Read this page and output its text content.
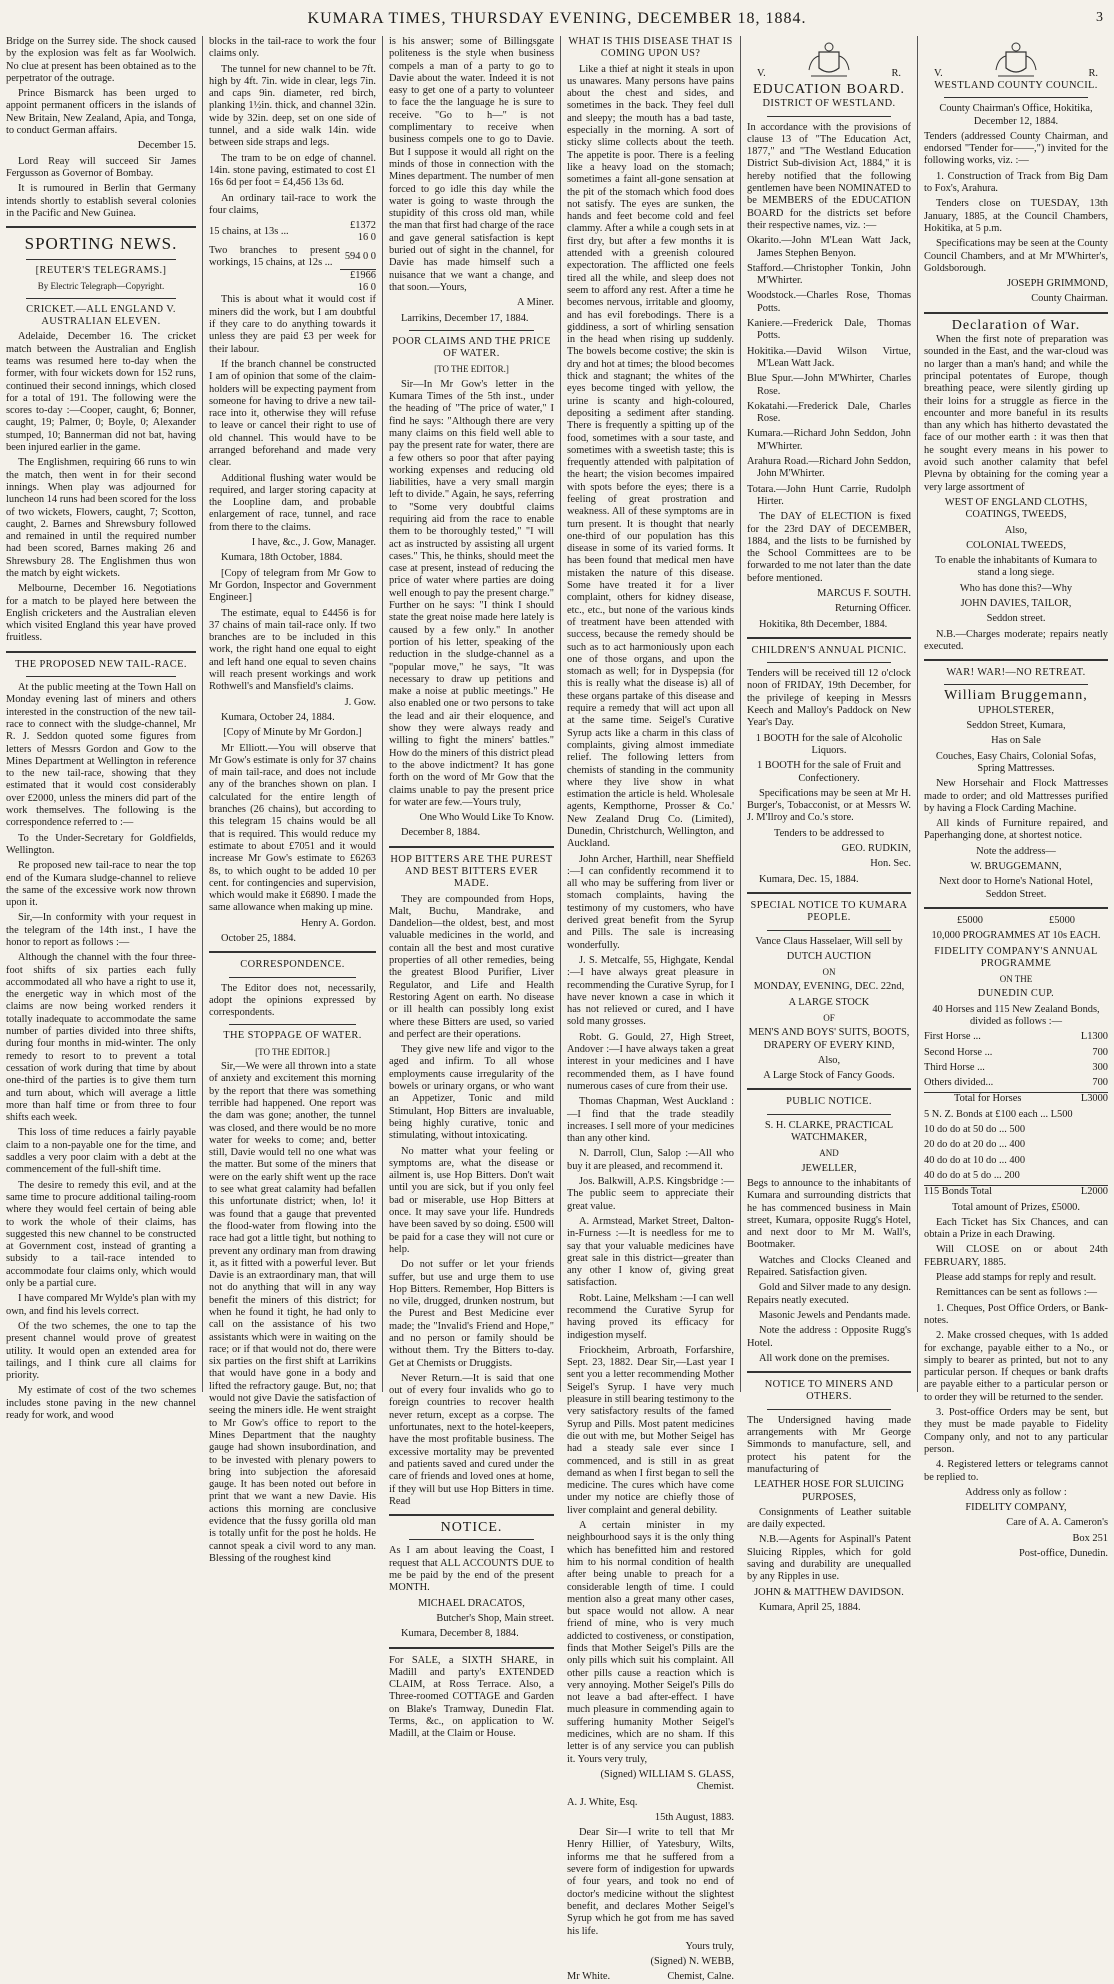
KUMARA TIMES, THURSDAY EVENING, DECEMBER 18, 1884.	3

Bridge on the Surrey side. The shock caused by the explosion was felt as far Woolwich. No clue at present has been obtained as to the perpetrator of the outrage.

Prince Bismarck has been urged to appoint permanent officers in the islands of New Britain, New Zealand, Apia, and Tonga, to conduct German affairs.

December 15.

Lord Reay will succeed Sir James Fergusson as Governor of Bombay.

It is rumoured in Berlin that Germany intends shortly to establish several colonies in the Pacific and New Guinea.

SPORTING NEWS.

[REUTER'S TELEGRAMS.]

By Electric Telegraph—Copyright.

CRICKET.—ALL ENGLAND V. AUSTRALIAN ELEVEN.

Adelaide, December 16. The cricket match between the Australian and English teams was resumed here to-day when the former, with four wickets down for 152 runs, continued their second innings, which closed for a total of 191. The following were the scores to-day :—Cooper, caught, 6; Bonner, caught, 19; Palmer, 0; Boyle, 0; Alexander stumped, 10; Bannerman did not bat, having been injured earlier in the game.

The Englishmen, requiring 66 runs to win the match, then went in for their second innings. When play was adjourned for luncheon 14 runs had been scored for the loss of two wickets, Flowers, caught, 7; Scotton, caught, 2. Barnes and Shrewsbury followed and remained in until the required number had been scored, Barnes making 26 and Shrewsbury 28. The Englishmen thus won the match by eight wickets.

Melbourne, December 16. Negotiations for a match to be played here between the English cricketers and the Australian eleven which visited England this year have proved fruitless.

THE PROPOSED NEW TAIL-RACE.

At the public meeting at the Town Hall on Monday evening last of miners and others interested in the construction of the new tail-race to connect with the sludge-channel, Mr R. J. Seddon quoted some figures from letters of Messrs Gordon and Gow to the Mines Department at Wellington in reference to the new tail-race, showing that they estimated that it would cost considerably over £2000, unless the miners did part of the work themselves. The following is the correspondence referred to :—

To the Under-Secretary for Goldfields, Wellington.

Re proposed new tail-race to near the top end of the Kumara sludge-channel to relieve the same of the excessive work now thrown upon it.

Sir,—In conformity with your request in the telegram of the 14th inst., I have the honor to report as follows :—

Although the channel with the four three-foot shifts of six parties each fully accommodated all who have a right to use it, the energetic way in which most of the claims are now being worked renders it totally inadequate to accommodate the same number of parties divided into three shifts, during four months in mid-winter. The only remedy to resort to to prevent a total cessation of work during that time by about one-third of the parties is to give them turn and turn about, which will average a little more than half time or from three to four shifts each week.

This loss of time reduces a fairly payable claim to a non-payable one for the time, and saddles a very poor claim with a debt at the commencement of the full-shift time.

The desire to remedy this evil, and at the same time to procure additional tailing-room where they would feel certain of being able to work the whole of their claims, has suggested this new channel to be constructed at Government cost, instead of granting a subsidy to a tail-race intended to accommodate four claims only, which would only be a partial cure.

I have compared Mr Wylde's plan with my own, and find his levels correct.

Of the two schemes, the one to tap the present channel would prove of greatest utility. It would open an extended area for tailings, and I think cure all claims for priority.

My estimate of cost of the two schemes includes stone paving in the new channel ready for work, and wood

blocks in the tail-race to work the four claims only.

The tunnel for new channel to be 7ft. high by 4ft. 7in. wide in clear, legs 7in. and caps 9in. diameter, red birch, planking 1½in. thick, and channel 32in. wide by 32in. deep, set on one side of tunnel, and a side walk 14in. wide between side straps and legs.

The tram to be on edge of channel. 14in. stone paving, estimated to cost £1 16s 6d per foot = £4,456 13s 6d.

An ordinary tail-race to work the four claims,

15 chains, at 13s ...	£1372 16 0
Two branches to present workings, 15 chains, at 12s ...	594 0 0
	£1966 16 0

This is about what it would cost if miners did the work, but I am doubtful if they care to do anything towards it unless they are paid £3 per week for their labour.

If the branch channel be constructed I am of opinion that some of the claim-holders will be expecting payment from someone for having to drive a new tail-race into it, otherwise they will refuse to leave or cancel their right to use of old channel. This would have to be arranged beforehand and made very clear.

Additional flushing water would be required, and larger storing capacity at the Loopline dam, and probable enlargement of race, tunnel, and race from there to the claims.

I have, &c., J. Gow, Manager.

Kumara, 18th October, 1884.

[Copy of telegram from Mr Gow to Mr Gordon, Inspector and Government Engineer.]

The estimate, equal to £4456 is for 37 chains of main tail-race only. If two branches are to be included in this work, the right hand one equal to eight and left hand one equal to seven chains will reach present workings and work Rothwell's and Mansfield's claims.

J. Gow.

Kumara, October 24, 1884.

[Copy of Minute by Mr Gordon.]

Mr Elliott.—You will observe that Mr Gow's estimate is only for 37 chains of main tail-race, and does not include any of the branches shown on plan. I calculated for the entire length of branches (26 chains), but according to this telegram 15 chains would be all that is required. This would reduce my estimate to about £7051 and it would increase Mr Gow's estimate to £6263 8s, to which ought to be added 10 per cent. for contingencies and supervision, which would make it £6890. I made the same allowance when making up mine.

Henry A. Gordon.

October 25, 1884.

CORRESPONDENCE.

The Editor does not, necessarily, adopt the opinions expressed by correspondents.

THE STOPPAGE OF WATER.

[TO THE EDITOR.]

Sir,—We were all thrown into a state of anxiety and excitement this morning by the report that there was something terrible had happened. One report was the dam was gone; another, the tunnel was closed, and there would be no more water for weeks to come; and, better still, Davie would tell no one what was the matter. But some of the miners that were on the early shift went up the race to see what great calamity had befallen this unfortunate district; when, lo! it was found that a gauge that prevented the flood-water from flowing into the race had got a little tight, but nothing to prevent any ordinary man from drawing it, as it fitted with a powerful lever. But Davie is an extraordinary man, that will not do anything that will in any way benefit the miners of this district; for when he found it tight, he had only to call on the assistance of his two assistants which were in waiting on the race; or if that would not do, there were six parties on the first shift at Larrikins that would have gone in a body and lifted the refractory gauge. But, no; that would not give Davie the satisfaction of seeing the miners idle. He went straight to Mr Gow's office to report to the Mines Department that the naughty gauge had shown insubordination, and to be invested with plenary powers to bring into subjection the aforesaid gauge. It has been noted out before in print that we want a new Davie. His actions this morning are conclusive evidence that the fussy gorilla old man is totally unfit for the post he holds. He cannot speak a civil word to any man. Blessing of the roughest kind

is his answer; some of Billingsgate politeness is the style when business compels a man of a party to go to Davie about the water. Indeed it is not easy to get one of a party to volunteer to face the the language he is sure to receive. "Go to h—" is not complimentary to receive when business compels one to go to Davie. But I suppose it would all right on the minds of those in connection with the Mines department. The number of men forced to go idle this day while the water is going to waste through the stupidity of this cross old man, while the man that first had charge of the race and gave general satisfaction is kept buried out of sight in the channel, for Davie has made himself such a nuisance that we want a change, and that soon.—Yours,

A Miner.

Larrikins, December 17, 1884.

POOR CLAIMS AND THE PRICE OF WATER.

[TO THE EDITOR.]

Sir—In Mr Gow's letter in the Kumara Times of the 5th inst., under the heading of "The price of water," I find he says: "Although there are very many claims on this field well able to pay the present rate for water, there are a few others so poor that after paying working expenses and reducing old liabilities, have a very small margin left to divide." Again, he says, referring to "Some very doubtful claims requiring aid from the race to enable them to be thoroughly tested," "I will act as instructed by assisting all urgent cases." This, he thinks, should meet the case at present, instead of reducing the price of water where parties are doing well enough to pay the present charge." Further on he says: "I think I should state the great noise made here lately is caused by a few only." In another portion of his letter, speaking of the reduction in the sludge-channel as a "popular move," he says, "It was necessary to draw up petitions and make a noise at public meetings." He also enabled one or two persons to take the lead and air their eloquence, and show they were always ready and willing to fight the miners' battles." How do the miners of this district plead to the above indictment? It has gone forth on the word of Mr Gow that the claims unable to pay the present price for water are few.—Yours truly,

One Who Would Like To Know.

December 8, 1884.

HOP BITTERS ARE THE PUREST AND BEST BITTERS EVER MADE.

They are compounded from Hops, Malt, Buchu, Mandrake, and Dandelion—the oldest, best, and most valuable medicines in the world, and contain all the best and most curative properties of all other remedies, being the greatest Blood Purifier, Liver Regulator, and Life and Health Restoring Agent on earth. No disease or ill health can possibly long exist where these Bitters are used, so varied and perfect are their operations.

They give new life and vigor to the aged and infirm. To all whose employments cause irregularity of the bowels or urinary organs, or who want an Appetizer, Tonic and mild Stimulant, Hop Bitters are invaluable, being highly curative, tonic and stimulating, without intoxicating.

No matter what your feeling or symptoms are, what the disease or ailment is, use Hop Bitters. Don't wait until you are sick, but if you only feel bad or miserable, use Hop Bitters at once. It may save your life. Hundreds have been saved by so doing. £500 will be paid for a case they will not cure or help.

Do not suffer or let your friends suffer, but use and urge them to use Hop Bitters. Remember, Hop Bitters is no vile, drugged, drunken nostrum, but the Purest and Best Medicine ever made; the "Invalid's Friend and Hope," and no person or family should be without them. Try the Bitters to-day. Get at Chemists or Druggists.

Never Return.—It is said that one out of every four invalids who go to foreign countries to recover health never return, except as a corpse. The unfortunates, next to the hotel-keepers, have the most profitable business. The excessive mortality may be prevented and patients saved and cured under the care of friends and loved ones at home, if they will but use Hop Bitters in time. Read

NOTICE.

As I am about leaving the Coast, I request that ALL ACCOUNTS DUE to me be paid by the end of the present MONTH.

MICHAEL DRACATOS,

Butcher's Shop, Main street.

Kumara, December 8, 1884.

For SALE, a SIXTH SHARE, in Madill and party's EXTENDED CLAIM, at Ross Terrace. Also, a Three-roomed COTTAGE and Garden on Blake's Tramway, Dunedin Flat. Terms, &c., on application to W. Madill, at the Claim or House.

WHAT IS THIS DISEASE THAT IS COMING UPON US?

Like a thief at night it steals in upon us unawares. Many persons have pains about the chest and sides, and sometimes in the back. They feel dull and sleepy; the mouth has a bad taste, especially in the morning. A sort of sticky slime collects about the teeth. The appetite is poor. There is a feeling like a heavy load on the stomach; sometimes a faint all-gone sensation at the pit of the stomach which food does not satisfy. The eyes are sunken, the hands and feet become cold and feel clammy. After a while a cough sets in at first dry, but after a few months it is attended with a greenish coloured expectoration. The afflicted one feels tired all the while, and sleep does not seem to afford any rest. After a time he becomes nervous, irritable and gloomy, and has evil forebodings. There is a giddiness, a sort of whirling sensation in the head when rising up suddenly. The bowels become costive; the skin is dry and hot at times; the blood becomes thick and stagnant; the whites of the eyes become tinged with yellow, the urine is scanty and high-coloured, depositing a sediment after standing. There is frequently a spitting up of the food, sometimes with a sour taste, and sometimes with a sweetish taste; this is frequently attended with palpitation of the heart; the vision becomes impaired with spots before the eyes; there is a feeling of great prostration and weakness. All of these symptoms are in turn present. It is thought that nearly one-third of our population has this disease in some of its varied forms. It has been found that medical men have mistaken the nature of this disease. Some have treated it for a liver complaint, others for kidney disease, etc., etc., but none of the various kinds of treatment have been attended with success, because the remedy should be such as to act harmoniously upon each one of those organs, and upon the stomach as well; for in Dyspepsia (for this is really what the disease is) all of these organs partake of this disease and require a remedy that will act upon all at the same time. Seigel's Curative Syrup acts like a charm in this class of complaints, giving almost immediate relief. The following letters from chemists of standing in the community where they live show in what estimation the article is held. Wholesale agents, Kempthorne, Prosser & Co.' New Zealand Drug Co. (Limited), Dunedin, Christchurch, Wellington, and Auckland.

John Archer, Harthill, near Sheffield :—I can confidently recommend it to all who may be suffering from liver or stomach complaints, having the testimony of my customers, who have derived great benefit from the Syrup and Pills. The sale is increasing wonderfully.

J. S. Metcalfe, 55, Highgate, Kendal :—I have always great pleasure in recommending the Curative Syrup, for I have never known a case in which it has not relieved or cured, and I have sold many grosses.

Robt. G. Gould, 27, High Street, Andover :—I have always taken a great interest in your medicines and I have recommended them, as I have found numerous cases of cure from their use.

Thomas Chapman, West Auckland :—I find that the trade steadily increases. I sell more of your medicines than any other kind.

N. Darroll, Clun, Salop :—All who buy it are pleased, and recommend it.

Jos. Balkwill, A.P.S. Kingsbridge :—The public seem to appreciate their great value.

A. Armstead, Market Street, Dalton-in-Furness :—It is needless for me to say that your valuable medicines have great sale in this district—greater than any other I know of, giving great satisfaction.

Robt. Laine, Melksham :—I can well recommend the Curative Syrup for having proved its efficacy for indigestion myself.

Friockheim, Arbroath, Forfarshire, Sept. 23, 1882. Dear Sir,—Last year I sent you a letter recommending Mother Seigel's Syrup. I have very much pleasure in still bearing testimony to the very satisfactory results of the famed Syrup and Pills. Most patent medicines die out with me, but Mother Seigel has had a steady sale ever since I commenced, and is still in as great demand as when I first began to sell the medicine. The cures which have come under my notice are chiefly those of liver complaint and general debility.

A certain minister in my neighbourhood says it is the only thing which has benefitted him and restored him to his normal condition of health after being unable to preach for a considerable length of time. I could mention also a great many other cases, but space would not allow. A near friend of mine, who is very much addicted to costiveness, or constipation, finds that Mother Seigel's Pills are the only pills which suit his complaint. All other pills cause a reaction which is very annoying. Mother Seigel's Pills do not leave a bad after-effect. I have much pleasure in commending again to suffering humanity Mother Seigel's medicines, which are no sham. If this letter is of any service you can publish it. Yours very truly,

(Signed) WILLIAM S. GLASS, Chemist.

A. J. White, Esq.

15th August, 1883.

Dear Sir—I write to tell that Mr Henry Hillier, of Yatesbury, Wilts, informs me that he suffered from a severe form of indigestion for upwards of four years, and took no end of doctor's medicine without the slightest benefit, and declares Mother Seigel's Syrup which he got from me has saved his life.

Yours truly,

(Signed) N. WEBB,

Mr White.	Chemist, Calne.

V.	R.

EDUCATION BOARD.

DISTRICT OF WESTLAND.

In accordance with the provisions of clause 13 of "The Education Act, 1877," and "The Westland Education District Sub-division Act, 1884," it is hereby notified that the following gentlemen have been NOMINATED to be MEMBERS of the EDUCATION BOARD for the districts set before their respective names, viz. :—

Okarito.—John M'Lean Watt Jack, James Stephen Benyon.

Stafford.—Christopher Tonkin, John M'Whirter.

Woodstock.—Charles Rose, Thomas Potts.

Kaniere.—Frederick Dale, Thomas Potts.

Hokitika.—David Wilson Virtue, M'Lean Watt Jack.

Blue Spur.—John M'Whirter, Charles Rose.

Kokatahi.—Frederick Dale, Charles Rose.

Kumara.—Richard John Seddon, John M'Whirter.

Arahura Road.—Richard John Seddon, John M'Whirter.

Totara.—John Hunt Carrie, Rudolph Hirter.

The DAY of ELECTION is fixed for the 23rd DAY of DECEMBER, 1884, and the lists to be furnished by the School Committees are to be forwarded to me not later than the date before mentioned.

MARCUS F. SOUTH.

Returning Officer.

Hokitika, 8th December, 1884.

CHILDREN'S ANNUAL PICNIC.

Tenders will be received till 12 o'clock noon of FRIDAY, 19th December, for the privilege of keeping in Messrs Keech and Malloy's Paddock on New Year's Day.

1 BOOTH for the sale of Alcoholic Liquors.

1 BOOTH for the sale of Fruit and Confectionery.

Specifications may be seen at Mr H. Burger's, Tobacconist, or at Messrs W. J. M'Ilroy and Co.'s store.

Tenders to be addressed to

GEO. RUDKIN,

Hon. Sec.

Kumara, Dec. 15, 1884.

SPECIAL NOTICE TO KUMARA PEOPLE.

Vance Claus Hasselaer, Will sell by

DUTCH AUCTION

ON

MONDAY, EVENING, DEC. 22nd,

A LARGE STOCK

OF

MEN'S AND BOYS' SUITS, BOOTS, DRAPERY OF EVERY KIND,

Also,

A Large Stock of Fancy Goods.

PUBLIC NOTICE.

S. H. CLARKE, PRACTICAL WATCHMAKER,

AND

JEWELLER,

Begs to announce to the inhabitants of Kumara and surrounding districts that he has commenced business in Main street, Kumara, opposite Rugg's Hotel, and next door to Mr M. Wall's, Bootmaker.

Watches and Clocks Cleaned and Repaired. Satisfaction given.

Gold and Silver made to any design. Repairs neatly executed.

Masonic Jewels and Pendants made.

Note the address : Opposite Rugg's Hotel.

All work done on the premises.

NOTICE TO MINERS AND OTHERS.

The Undersigned having made arrangements with Mr George Simmonds to manufacture, sell, and protect his patent for the manufacturing of

LEATHER HOSE FOR SLUICING PURPOSES,

Consignments of Leather suitable are daily expected.

N.B.—Agents for Aspinall's Patent Sluicing Ripples, which for gold saving and durability are unequalled by any Ripples in use.

JOHN & MATTHEW DAVIDSON.

Kumara, April 25, 1884.

V.	R.

WESTLAND COUNTY COUNCIL.

County Chairman's Office, Hokitika, December 12, 1884.

Tenders (addressed County Chairman, and endorsed "Tender for——,") invited for the following works, viz. :—

1. Construction of Track from Big Dam to Fox's, Arahura.

Tenders close on TUESDAY, 13th January, 1885, at the Council Chambers, Hokitika, at 5 p.m.

Specifications may be seen at the County Council Chambers, and at Mr M'Whirter's, Goldsborough.

JOSEPH GRIMMOND,

County Chairman.

Declaration of War.

When the first note of preparation was sounded in the East, and the war-cloud was no larger than a man's hand; and while the principal potentates of Europe, though breathing peace, were silently girding up their loins for a struggle as fierce in the encounter and more baneful in its results than any which has hitherto devastated the face of our mother earth : it was then that he sought every means in his power to avoid such another calamity that befel Plevna by obtaining for the coming year a very large assortment of

WEST OF ENGLAND CLOTHS, COATINGS, TWEEDS,

Also,

COLONIAL TWEEDS,

To enable the inhabitants of Kumara to stand a long siege.

Who has done this?—Why

JOHN DAVIES, TAILOR,

Seddon street.

N.B.—Charges moderate; repairs neatly executed.

WAR! WAR!—NO RETREAT.

William Bruggemann,

UPHOLSTERER,

Seddon Street, Kumara,

Has on Sale

Couches, Easy Chairs, Colonial Sofas, Spring Mattresses.

New Horsehair and Flock Mattresses made to order; and old Mattresses purified by having a Flock Carding Machine.

All kinds of Furniture repaired, and Paperhanging done, at shortest notice.

Note the address—

W. BRUGGEMANN,

Next door to Horne's National Hotel, Seddon Street.

£5000	£5000

10,000 PROGRAMMES AT 10s EACH.

FIDELITY COMPANY'S ANNUAL PROGRAMME

ON THE

DUNEDIN CUP.

40 Horses and 115 New Zealand Bonds, divided as follows :—

First Horse ...	L1300

Second Horse ...	700

Third Horse ...	300

Others divided...	700

Total for Horses	L3000

5 N. Z. Bonds at £100 each ... L500

10 do do at 50 do ... 500

20 do do at 20 do ... 400

40 do do at 10 do ... 400

40 do do at 5 do ... 200

115 Bonds Total	L2000

Total amount of Prizes, £5000.

Each Ticket has Six Chances, and can obtain a Prize in each Drawing.

Will CLOSE on or about 24th FEBRUARY, 1885.

Please add stamps for reply and result.

Remittances can be sent as follows :—

1. Cheques, Post Office Orders, or Bank-notes.

2. Make crossed cheques, with 1s added for exchange, payable either to a No., or simply to bearer as printed, but not to any particular person. If cheques or bank drafts are payable either to a particular person or to order they will be returned to the sender.

3. Post-office Orders may be sent, but they must be made payable to Fidelity Company only, and not to any particular person.

4. Registered letters or telegrams cannot be replied to.

Address only as follow :

FIDELITY COMPANY,

Care of A. A. Cameron's

Box 251

Post-office, Dunedin.
